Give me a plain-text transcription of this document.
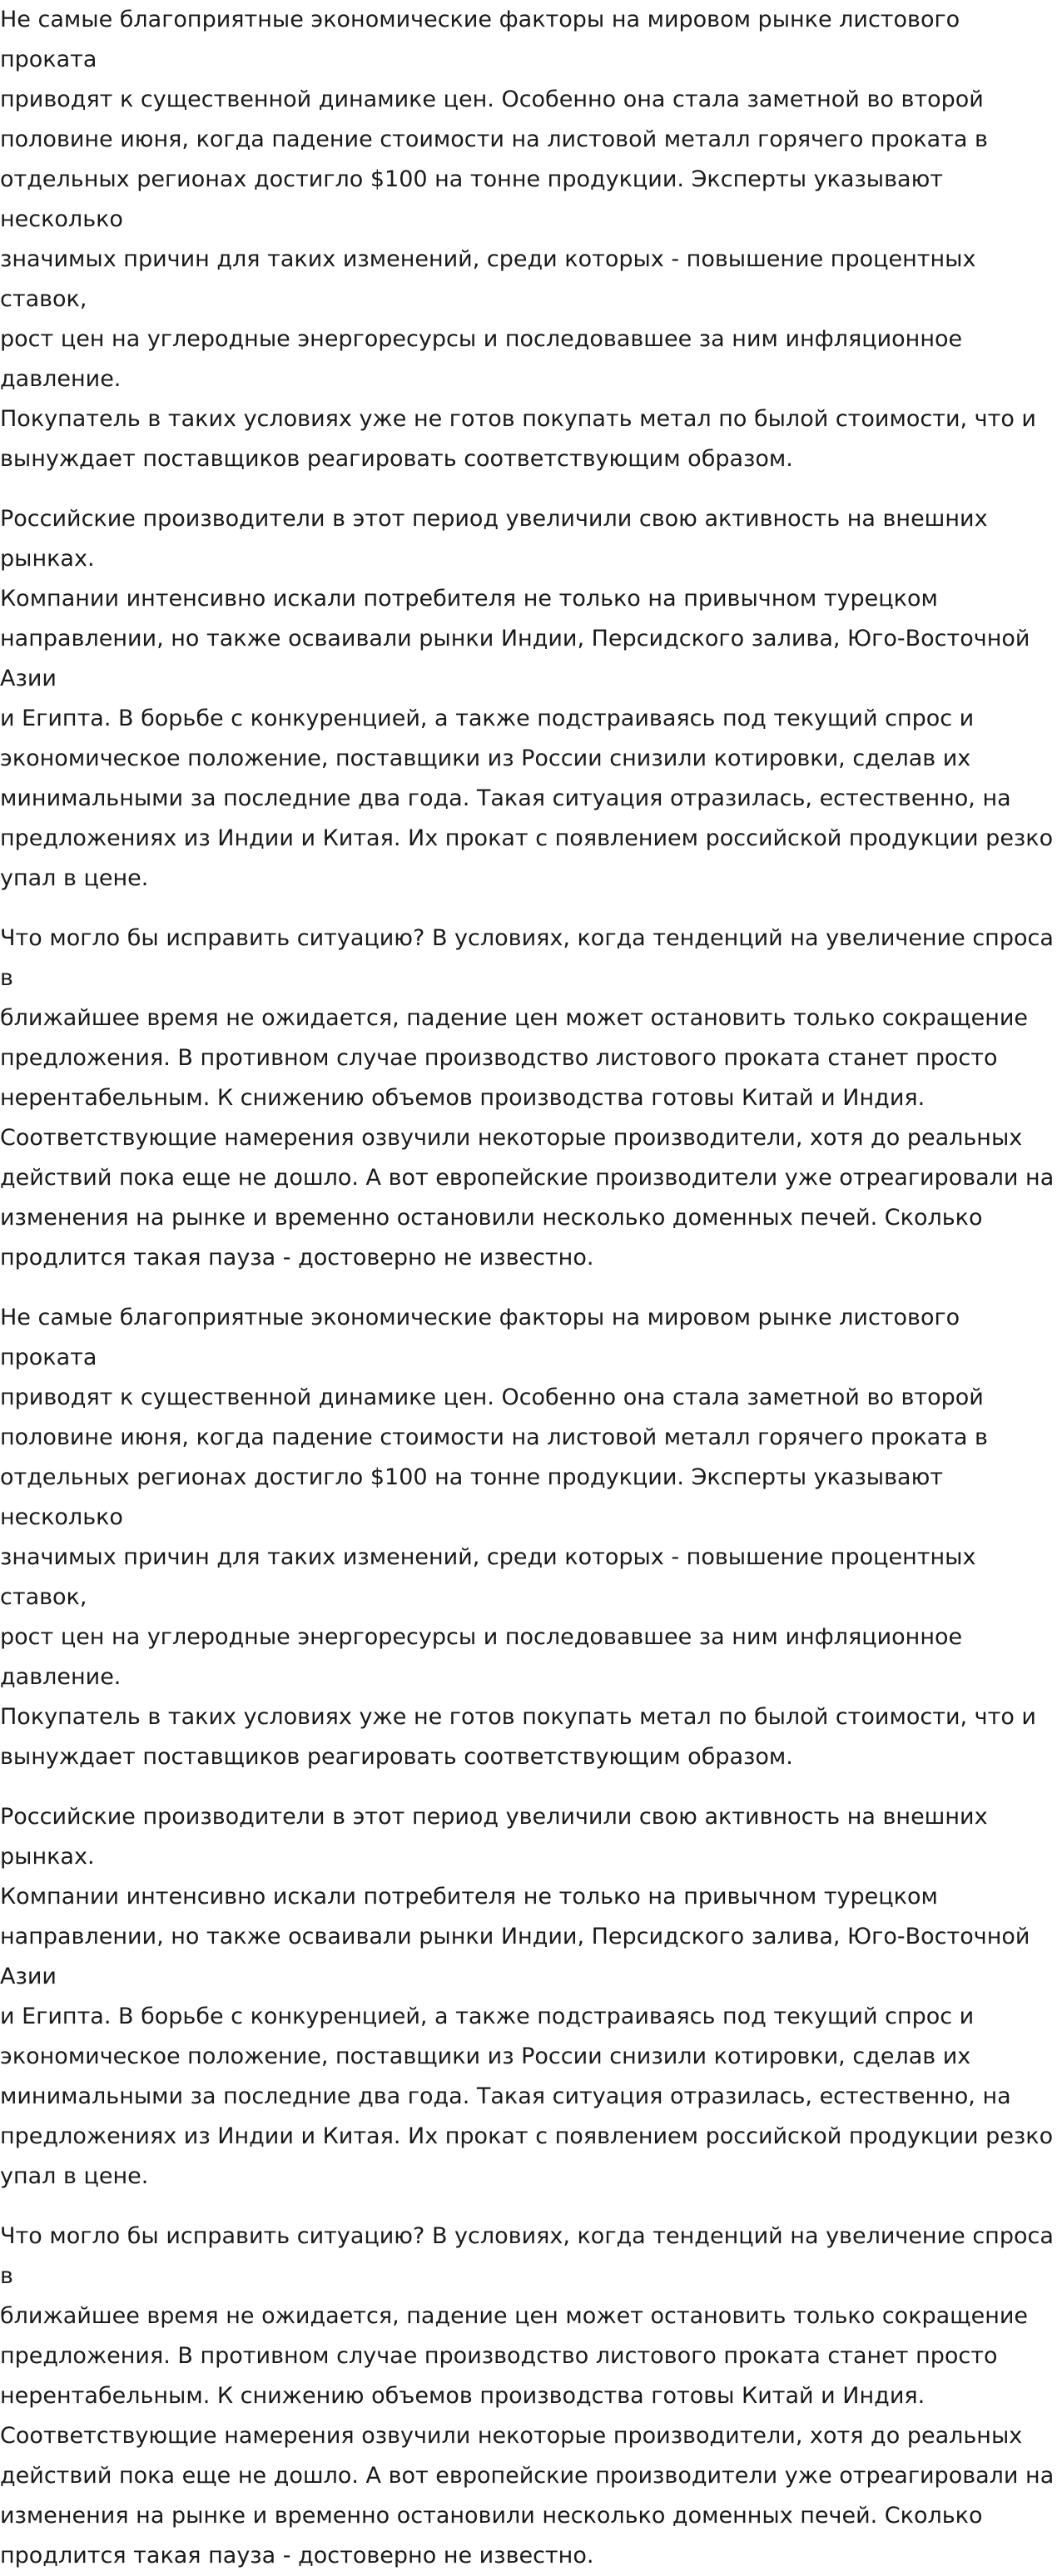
Не самые благоприятные экономические факторы на мировом рынке листового проката
приводят к существенной динамике цен. Особенно она стала заметной во второй
половине июня, когда падение стоимости на листовой металл горячего проката в
отдельных регионах достигло $100 на тонне продукции. Эксперты указывают несколько
значимых причин для таких изменений, среди которых - повышение процентных ставок,
рост цен на углеродные энергоресурсы и последовавшее за ним инфляционное давление.
Покупатель в таких условиях уже не готов покупать метал по былой стоимости, что и
вынуждает поставщиков реагировать соответствующим образом.

Российские производители в этот период увеличили свою активность на внешних рынках.
Компании интенсивно искали потребителя не только на привычном турецком
направлении, но также осваивали рынки Индии, Персидского залива, Юго-Восточной Азии
и Египта. В борьбе с конкуренцией, а также подстраиваясь под текущий спрос и
экономическое положение, поставщики из России снизили котировки, сделав их
минимальными за последние два года. Такая ситуация отразилась, естественно, на
предложениях из Индии и Китая. Их прокат с появлением российской продукции резко
упал в цене.

Что могло бы исправить ситуацию? В условиях, когда тенденций на увеличение спроса в
ближайшее время не ожидается, падение цен может остановить только сокращение
предложения. В противном случае производство листового проката станет просто
нерентабельным. К снижению объемов производства готовы Китай и Индия.
Соответствующие намерения озвучили некоторые производители, хотя до реальных
действий пока еще не дошло. А вот европейские производители уже отреагировали на
изменения на рынке и временно остановили несколько доменных печей. Сколько
продлится такая пауза - достоверно не известно.

Не самые благоприятные экономические факторы на мировом рынке листового проката
приводят к существенной динамике цен. Особенно она стала заметной во второй
половине июня, когда падение стоимости на листовой металл горячего проката в
отдельных регионах достигло $100 на тонне продукции. Эксперты указывают несколько
значимых причин для таких изменений, среди которых - повышение процентных ставок,
рост цен на углеродные энергоресурсы и последовавшее за ним инфляционное давление.
Покупатель в таких условиях уже не готов покупать метал по былой стоимости, что и
вынуждает поставщиков реагировать соответствующим образом.

Российские производители в этот период увеличили свою активность на внешних рынках.
Компании интенсивно искали потребителя не только на привычном турецком
направлении, но также осваивали рынки Индии, Персидского залива, Юго-Восточной Азии
и Египта. В борьбе с конкуренцией, а также подстраиваясь под текущий спрос и
экономическое положение, поставщики из России снизили котировки, сделав их
минимальными за последние два года. Такая ситуация отразилась, естественно, на
предложениях из Индии и Китая. Их прокат с появлением российской продукции резко
упал в цене.

Что могло бы исправить ситуацию? В условиях, когда тенденций на увеличение спроса в
ближайшее время не ожидается, падение цен может остановить только сокращение
предложения. В противном случае производство листового проката станет просто
нерентабельным. К снижению объемов производства готовы Китай и Индия.
Соответствующие намерения озвучили некоторые производители, хотя до реальных
действий пока еще не дошло. А вот европейские производители уже отреагировали на
изменения на рынке и временно остановили несколько доменных печей. Сколько
продлится такая пауза - достоверно не известно.
